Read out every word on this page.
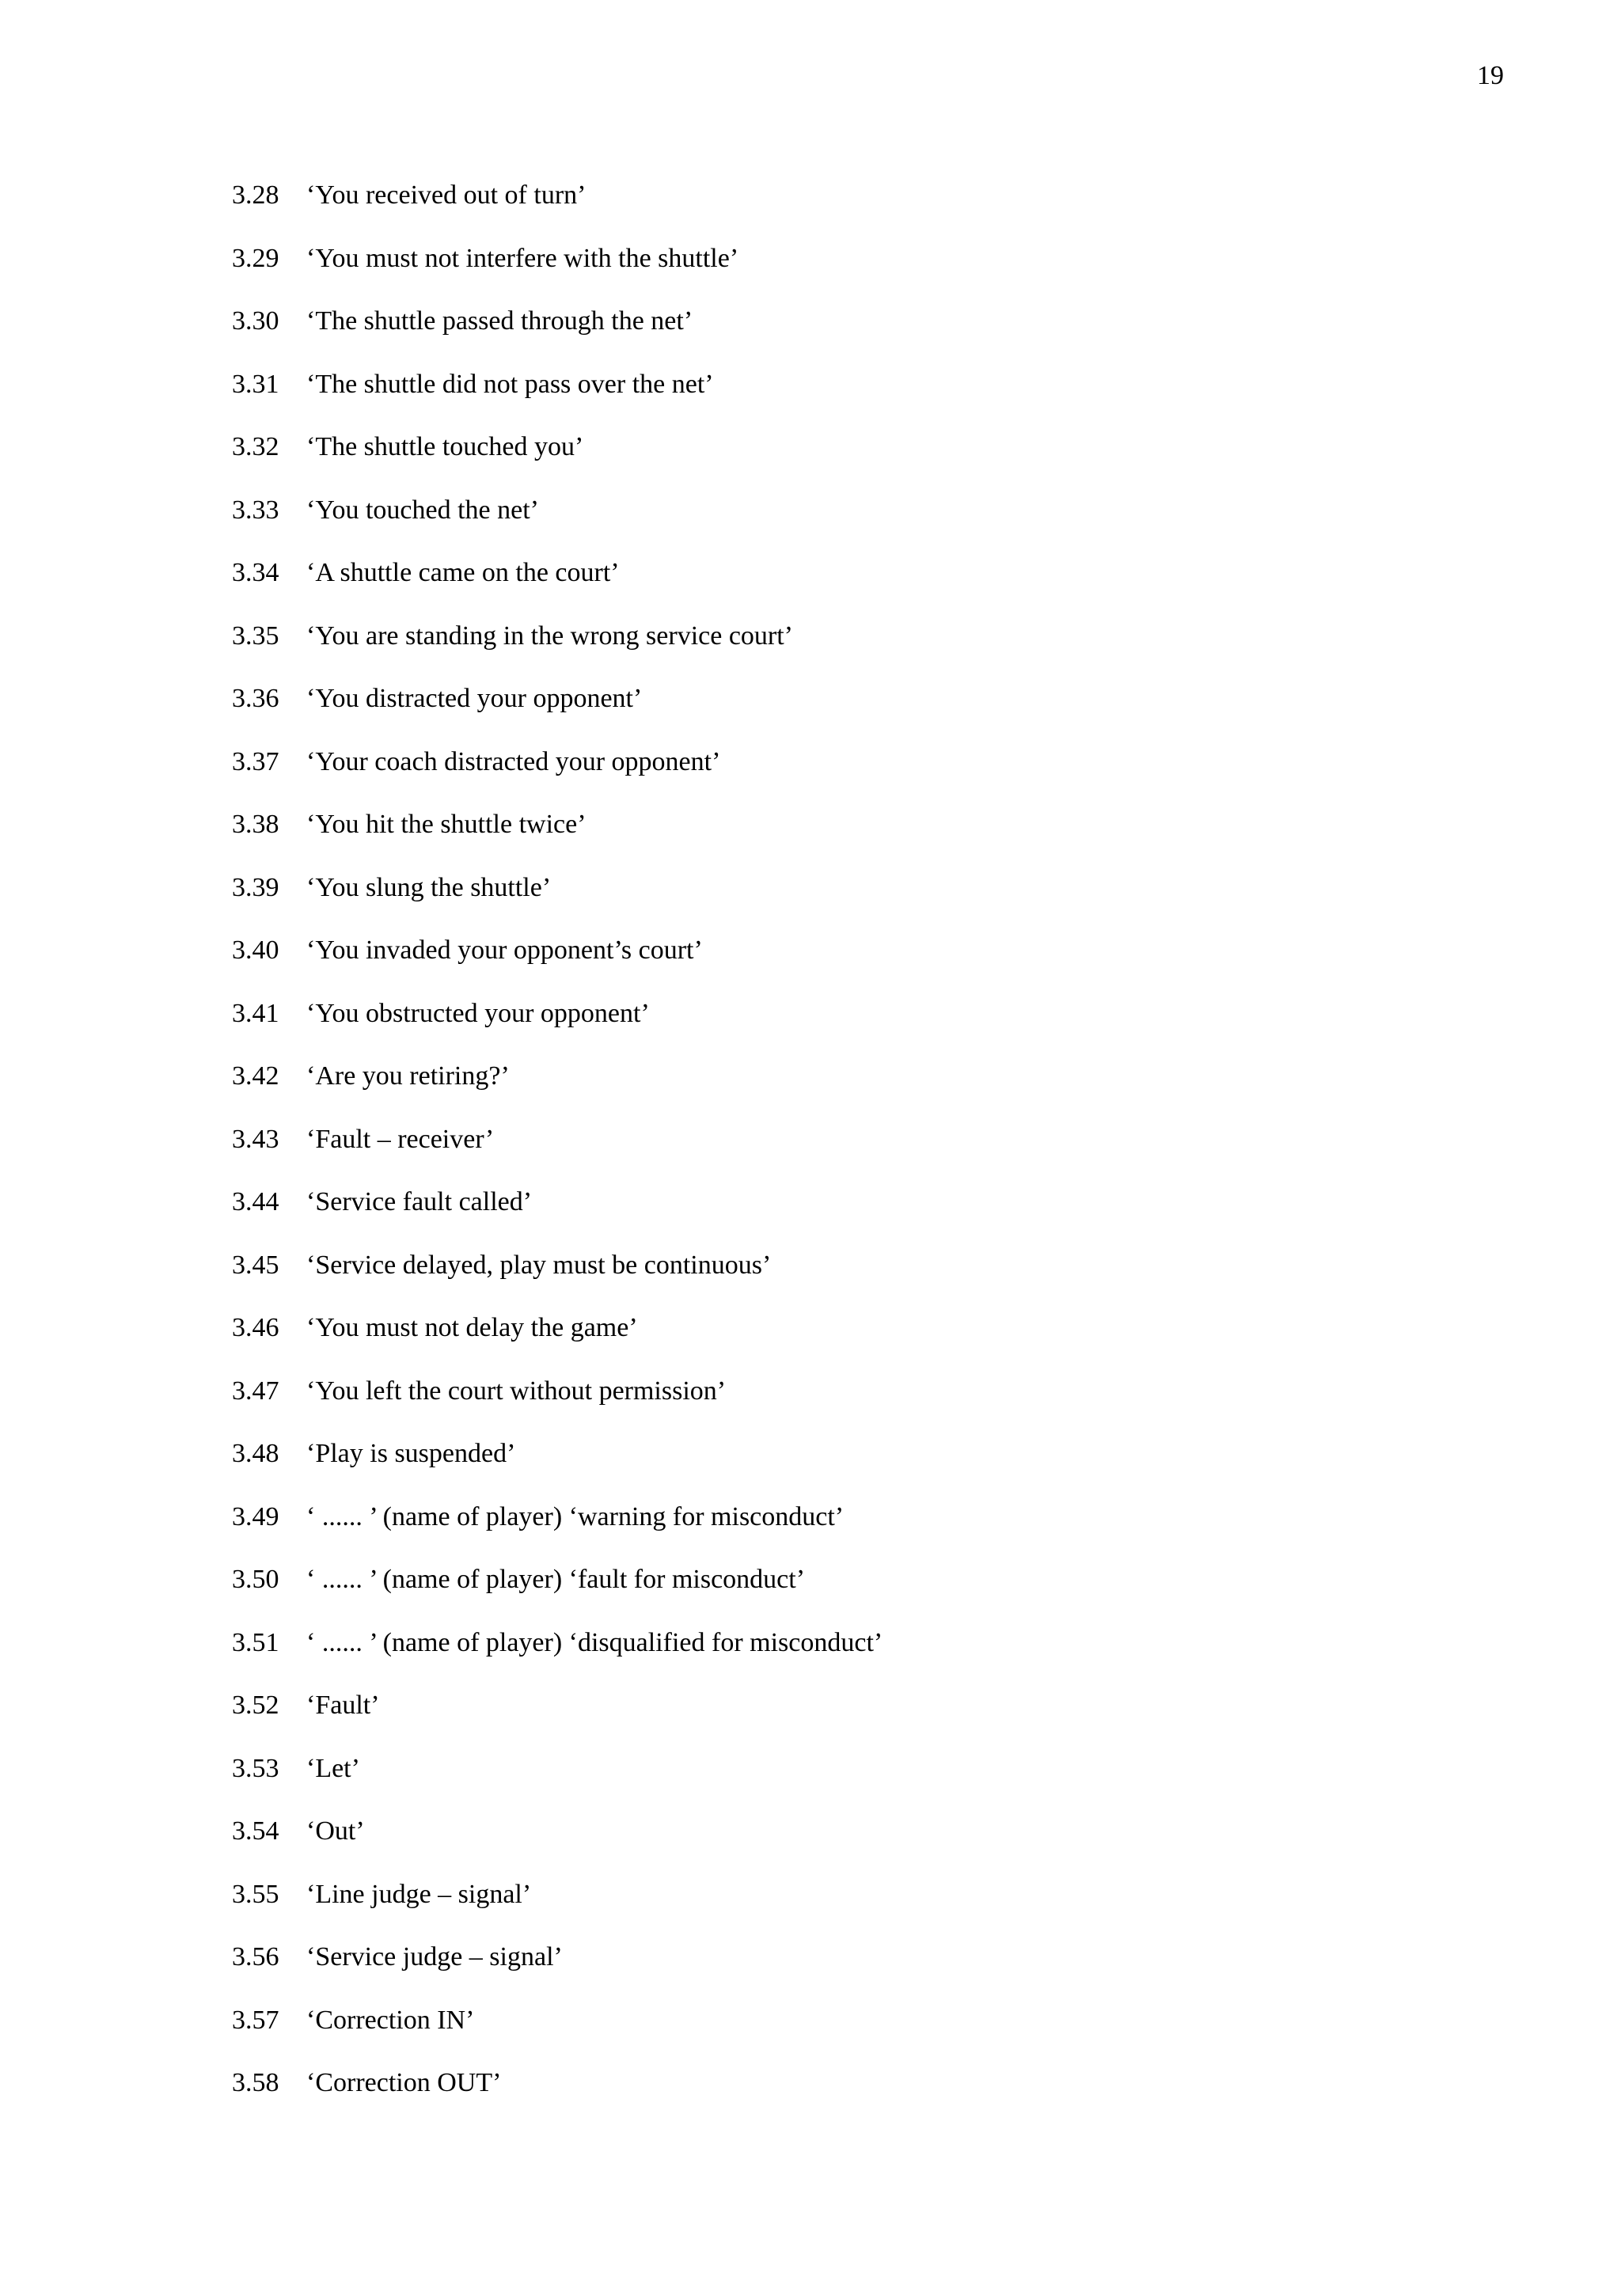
19
3.28	‘You received out of turn’
3.29	‘You must not interfere with the shuttle’
3.30	‘The shuttle passed through the net’
3.31	‘The shuttle did not pass over the net’
3.32	‘The shuttle touched you’
3.33	‘You touched the net’
3.34	‘A shuttle came on the court’
3.35	‘You are standing in the wrong service court’
3.36	‘You distracted your opponent’
3.37	‘Your coach distracted your opponent’
3.38	‘You hit the shuttle twice’
3.39	‘You slung the shuttle’
3.40	‘You invaded your opponent’s court’
3.41	‘You obstructed your opponent’
3.42	‘Are you retiring?’
3.43	‘Fault – receiver’
3.44	‘Service fault called’
3.45	‘Service delayed, play must be continuous’
3.46	‘You must not delay the game’
3.47	‘You left the court without permission’
3.48	‘Play is suspended’
3.49	‘ ...... ’ (name of player) ‘warning for misconduct’
3.50	‘ ...... ’ (name of player) ‘fault for misconduct’
3.51	‘ ...... ’ (name of player) ‘disqualified for misconduct’
3.52	‘Fault’
3.53	‘Let’
3.54	‘Out’
3.55	‘Line judge – signal’
3.56	‘Service judge – signal’
3.57	‘Correction IN’
3.58	‘Correction OUT’
